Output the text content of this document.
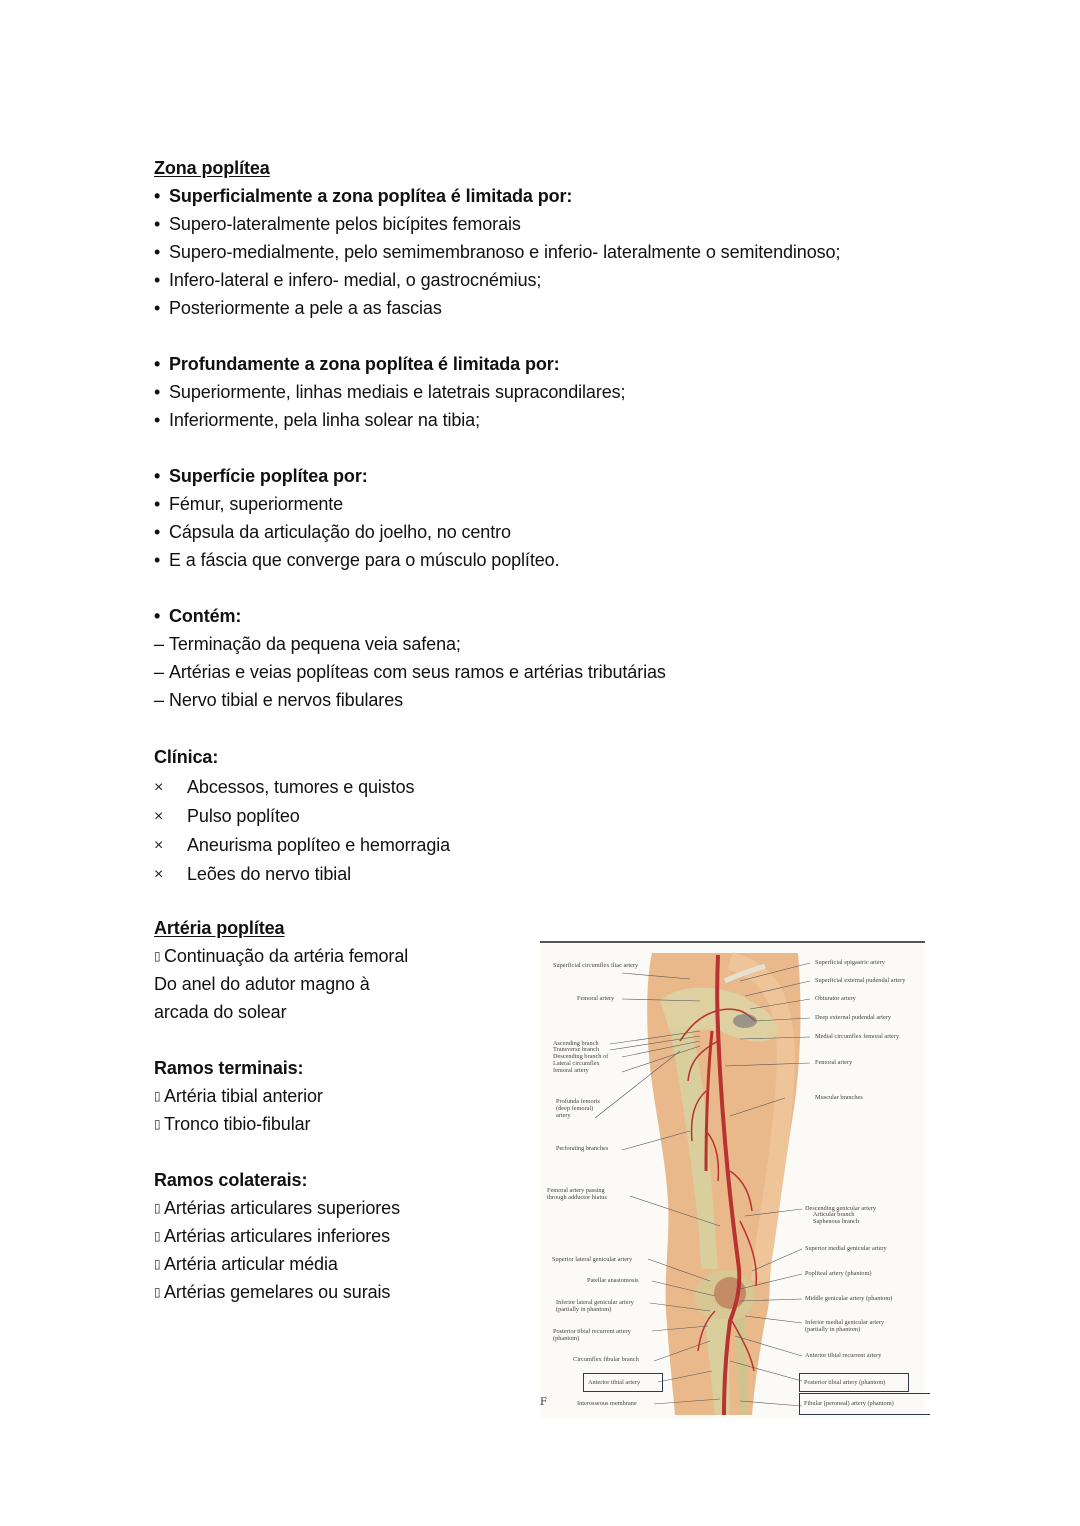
Zona poplítea
• Superficialmente a zona poplítea é limitada por:
• Supero-lateralmente pelos bicípites femorais
• Supero-medialmente, pelo semimembranoso e inferio- lateralmente o semitendinoso;
• Infero-lateral e infero- medial, o gastrocnémius;
• Posteriormente a pele a as fascias
• Profundamente a zona poplítea é limitada por:
• Superiormente, linhas mediais e latetrais supracondilares;
• Inferiormente, pela linha solear na tibia;
• Superfície poplítea por:
• Fémur, superiormente
• Cápsula da articulação do joelho, no centro
• E a fáscia que converge para o músculo poplíteo.
• Contém:
– Terminação da pequena veia safena;
– Artérias e veias poplíteas com seus ramos e artérias tributárias
– Nervo tibial e nervos fibulares
Clínica:
×	Abcessos, tumores e quistos
×	Pulso poplíteo
×	Aneurisma poplíteo e hemorragia
×	Leões do nervo tibial
Artéria poplítea
▯ Continuação da artéria femoral
Do anel do adutor magno à
arcada do solear
Ramos terminais:
▯ Artéria tibial anterior
▯ Tronco tibio-fibular
Ramos colaterais:
▯ Artérias articulares superiores
▯ Artérias articulares inferiores
▯ Artéria articular média
▯ Artérias gemelares ou surais
Superficial circumflex iliac artery
Femoral artery
Ascending branch
Transverse branch
Descending branch of
Lateral circumflex
femoral artery
Profunda femoris
(deep femoral)
artery
Perforating branches
Femoral artery passing
through adductor hiatus
Superior lateral genicular artery
Patellar anastomosis
Inferior lateral genicular artery
(partially in phantom)
Posterior tibial recurrent artery
(phantom)
Circumflex fibular branch
Anterior tibial artery
Interosseous membrane
Superficial epigastric artery
Superficial external pudendal artery
Obturator artery
Deep external pudendal artery
Medial circumflex femoral artery
Femoral artery
Muscular branches
Descending genicular artery
Articular branch
Saphenous branch
Superior medial genicular artery
Popliteal artery (phantom)
Middle genicular artery (phantom)
Inferior medial genicular artery
(partially in phantom)
Anterior tibial recurrent artery
Posterior tibial artery (phantom)
Fibular (peroneal) artery (phantom)
F
